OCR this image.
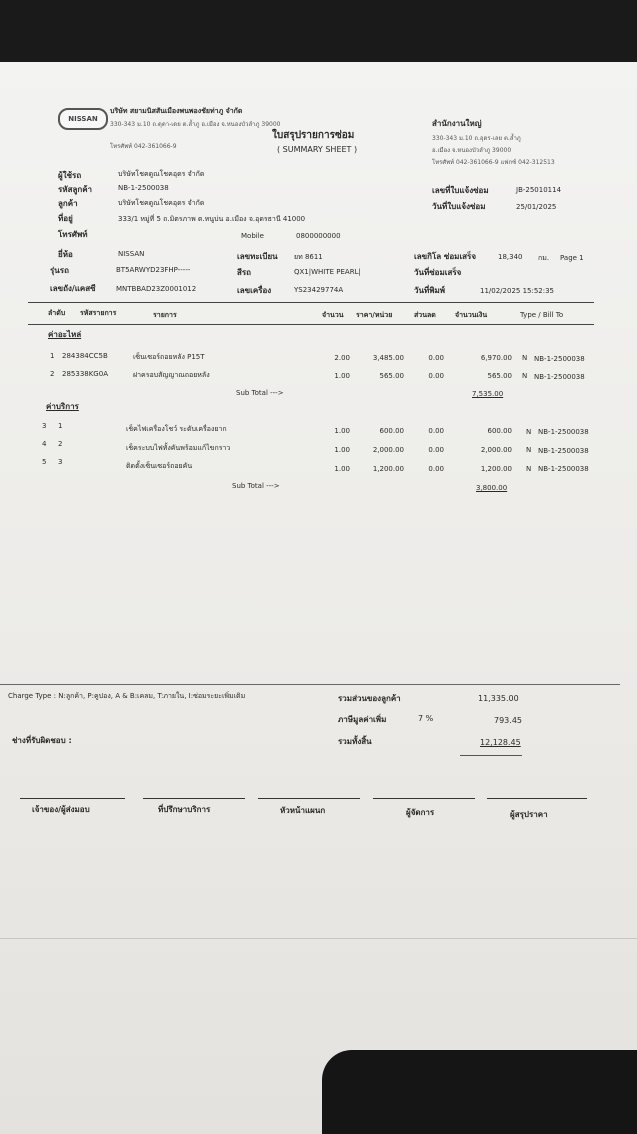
NISSAN
บริษัท สยามนิสสันเมืองพนพองชัยท่าภู จำกัด
330-343 ม.10 ถ.ดุดา-เดย ต.ล้ำภู อ.เมือง จ.หนองบัวลำภู 39000
โทรศัพท์ 042-361066-9
ใบสรุปรายการซ่อม
( SUMMARY SHEET )
สำนักงานใหญ่
330-343 ม.10 ถ.อุดร-เลย ต.ล้ำภู
อ.เมือง จ.หนองบัวลำภู 39000
โทรศัพท์ 042-361066-9 แฟกซ์ 042-312513
ผู้ใช้รถ	บริษัทโชคดูณโชคอุดร จำกัด
รหัสลูกค้า	NB-1-2500038
ลูกค้า	บริษัทโชคดูณโชคอุดร จำกัด
ที่อยู่	333/1 หมู่ที่ 5 ถ.มิตรภาพ ต.หนูบ่น อ.เมือง จ.อุดรธานี 41000
โทรศัพท์	Mobile	0800000000
เลขที่ใบแจ้งซ่อม	JB-25010114
วันที่ใบแจ้งซ่อม	25/01/2025
ยี่ห้อ	NISSAN	เลขทะเบียน ยท 8611	เลขกิโล ซ่อมเสร็จ	18,340 กม. Page 1
รุ่นรถ	BT5ARWYD23FHP-----	สีรถ	QX1|WHITE PEARL|	วันที่ซ่อมเสร็จ
เลขถัง/แคสซี	MNTBBAD23Z0001012	เลขเครื่อง	YS23429774A	วันที่พิมพ์	11/02/2025 15:52:35
ลำดับ รหัสรายการ	รายการ	จำนวน ราคา/หน่วย	ส่วนลด	จำนวนเงิน	Type / Bill To
ค่าอะไหล่
1 284384CC5B	เซ็นเซอร์ถอยหลัง P15T	2.00	3,485.00	0.00	6,970.00 N NB-1-2500038
2 285338KG0A	ฝาครอบสัญญาณถอยหลัง	1.00	565.00	0.00	565.00 N NB-1-2500038
Sub Total --->	7,535.00
ค่าบริการ
3 1	เช็คไฟเครื่องโชว์ ระดับเครื่องยาก	1.00	600.00	0.00	600.00 N NB-1-2500038
4 2	เช็คระบบไฟทั้งคันพร้อมแก้ไขกราว	1.00	2,000.00	0.00	2,000.00 N NB-1-2500038
5 3	ติดตั้งเซ็นเซอร์ถอยคัน	1.00	1,200.00	0.00	1,200.00 N NB-1-2500038
Sub Total --->	3,800.00
Charge Type : N:ลูกค้า, P:คูปอง, A & B:เคลม, T:ภายใน, I:ซ่อมระยะเพิ่มเติม	รวมส่วนของลูกค้า	11,335.00
ภาษีมูลค่าเพิ่ม	7 %	793.45
ช่างที่รับผิดชอบ :	รวมทั้งสิ้น	12,128.45
เจ้าของ/ผู้ส่งมอบ	ที่ปรึกษาบริการ	หัวหน้าแผนก	ผู้จัดการ	ผู้สรุปราคา
